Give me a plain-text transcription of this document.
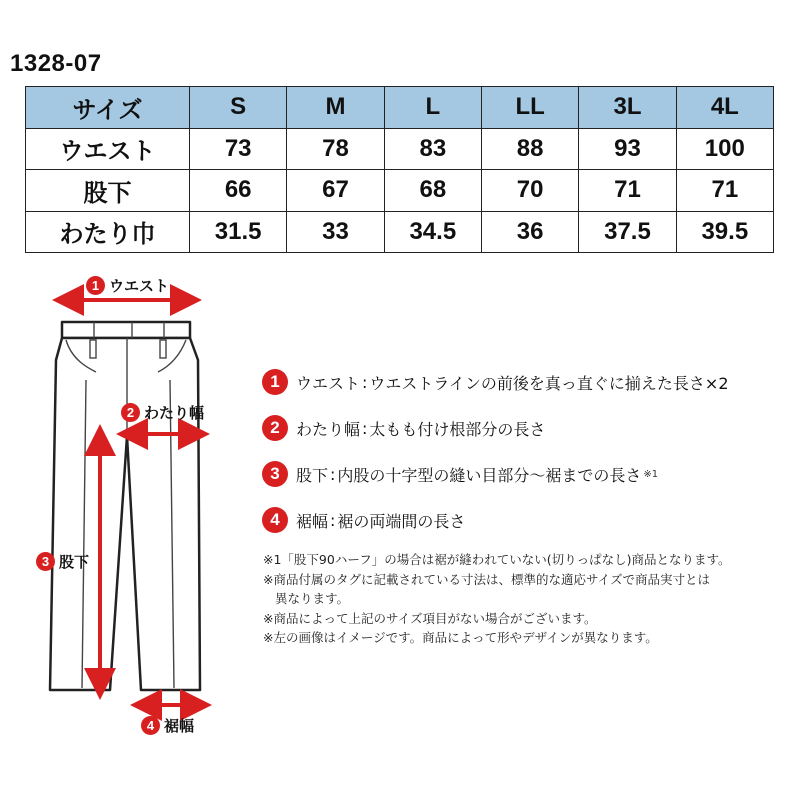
1328-07
サイズ	S	M	L	LL	3L	4L
ウエスト	73	78	83	88	93	100
股下	66	67	68	70	71	71
わたり巾	31.5	33	34.5	36	37.5	39.5
1 ウエスト
2 わたり幅
3 股下
4 裾幅
1	ウエスト : ウエストラインの前後を真っ直ぐに揃えた長さ×2
2	わたり幅 : 太もも付け根部分の長さ
3	股下 : 内股の十字型の縫い目部分～裾までの長さ ※1
4	裾幅 : 裾の両端間の長さ
※1「股下90ハーフ」の場合は裾が縫われていない(切りっぱなし)商品となります。
※商品付属のタグに記載されている寸法は、標準的な適応サイズで商品実寸とは
異なります。
※商品によって上記のサイズ項目がない場合がございます。
※左の画像はイメージです。商品によって形やデザインが異なります。
